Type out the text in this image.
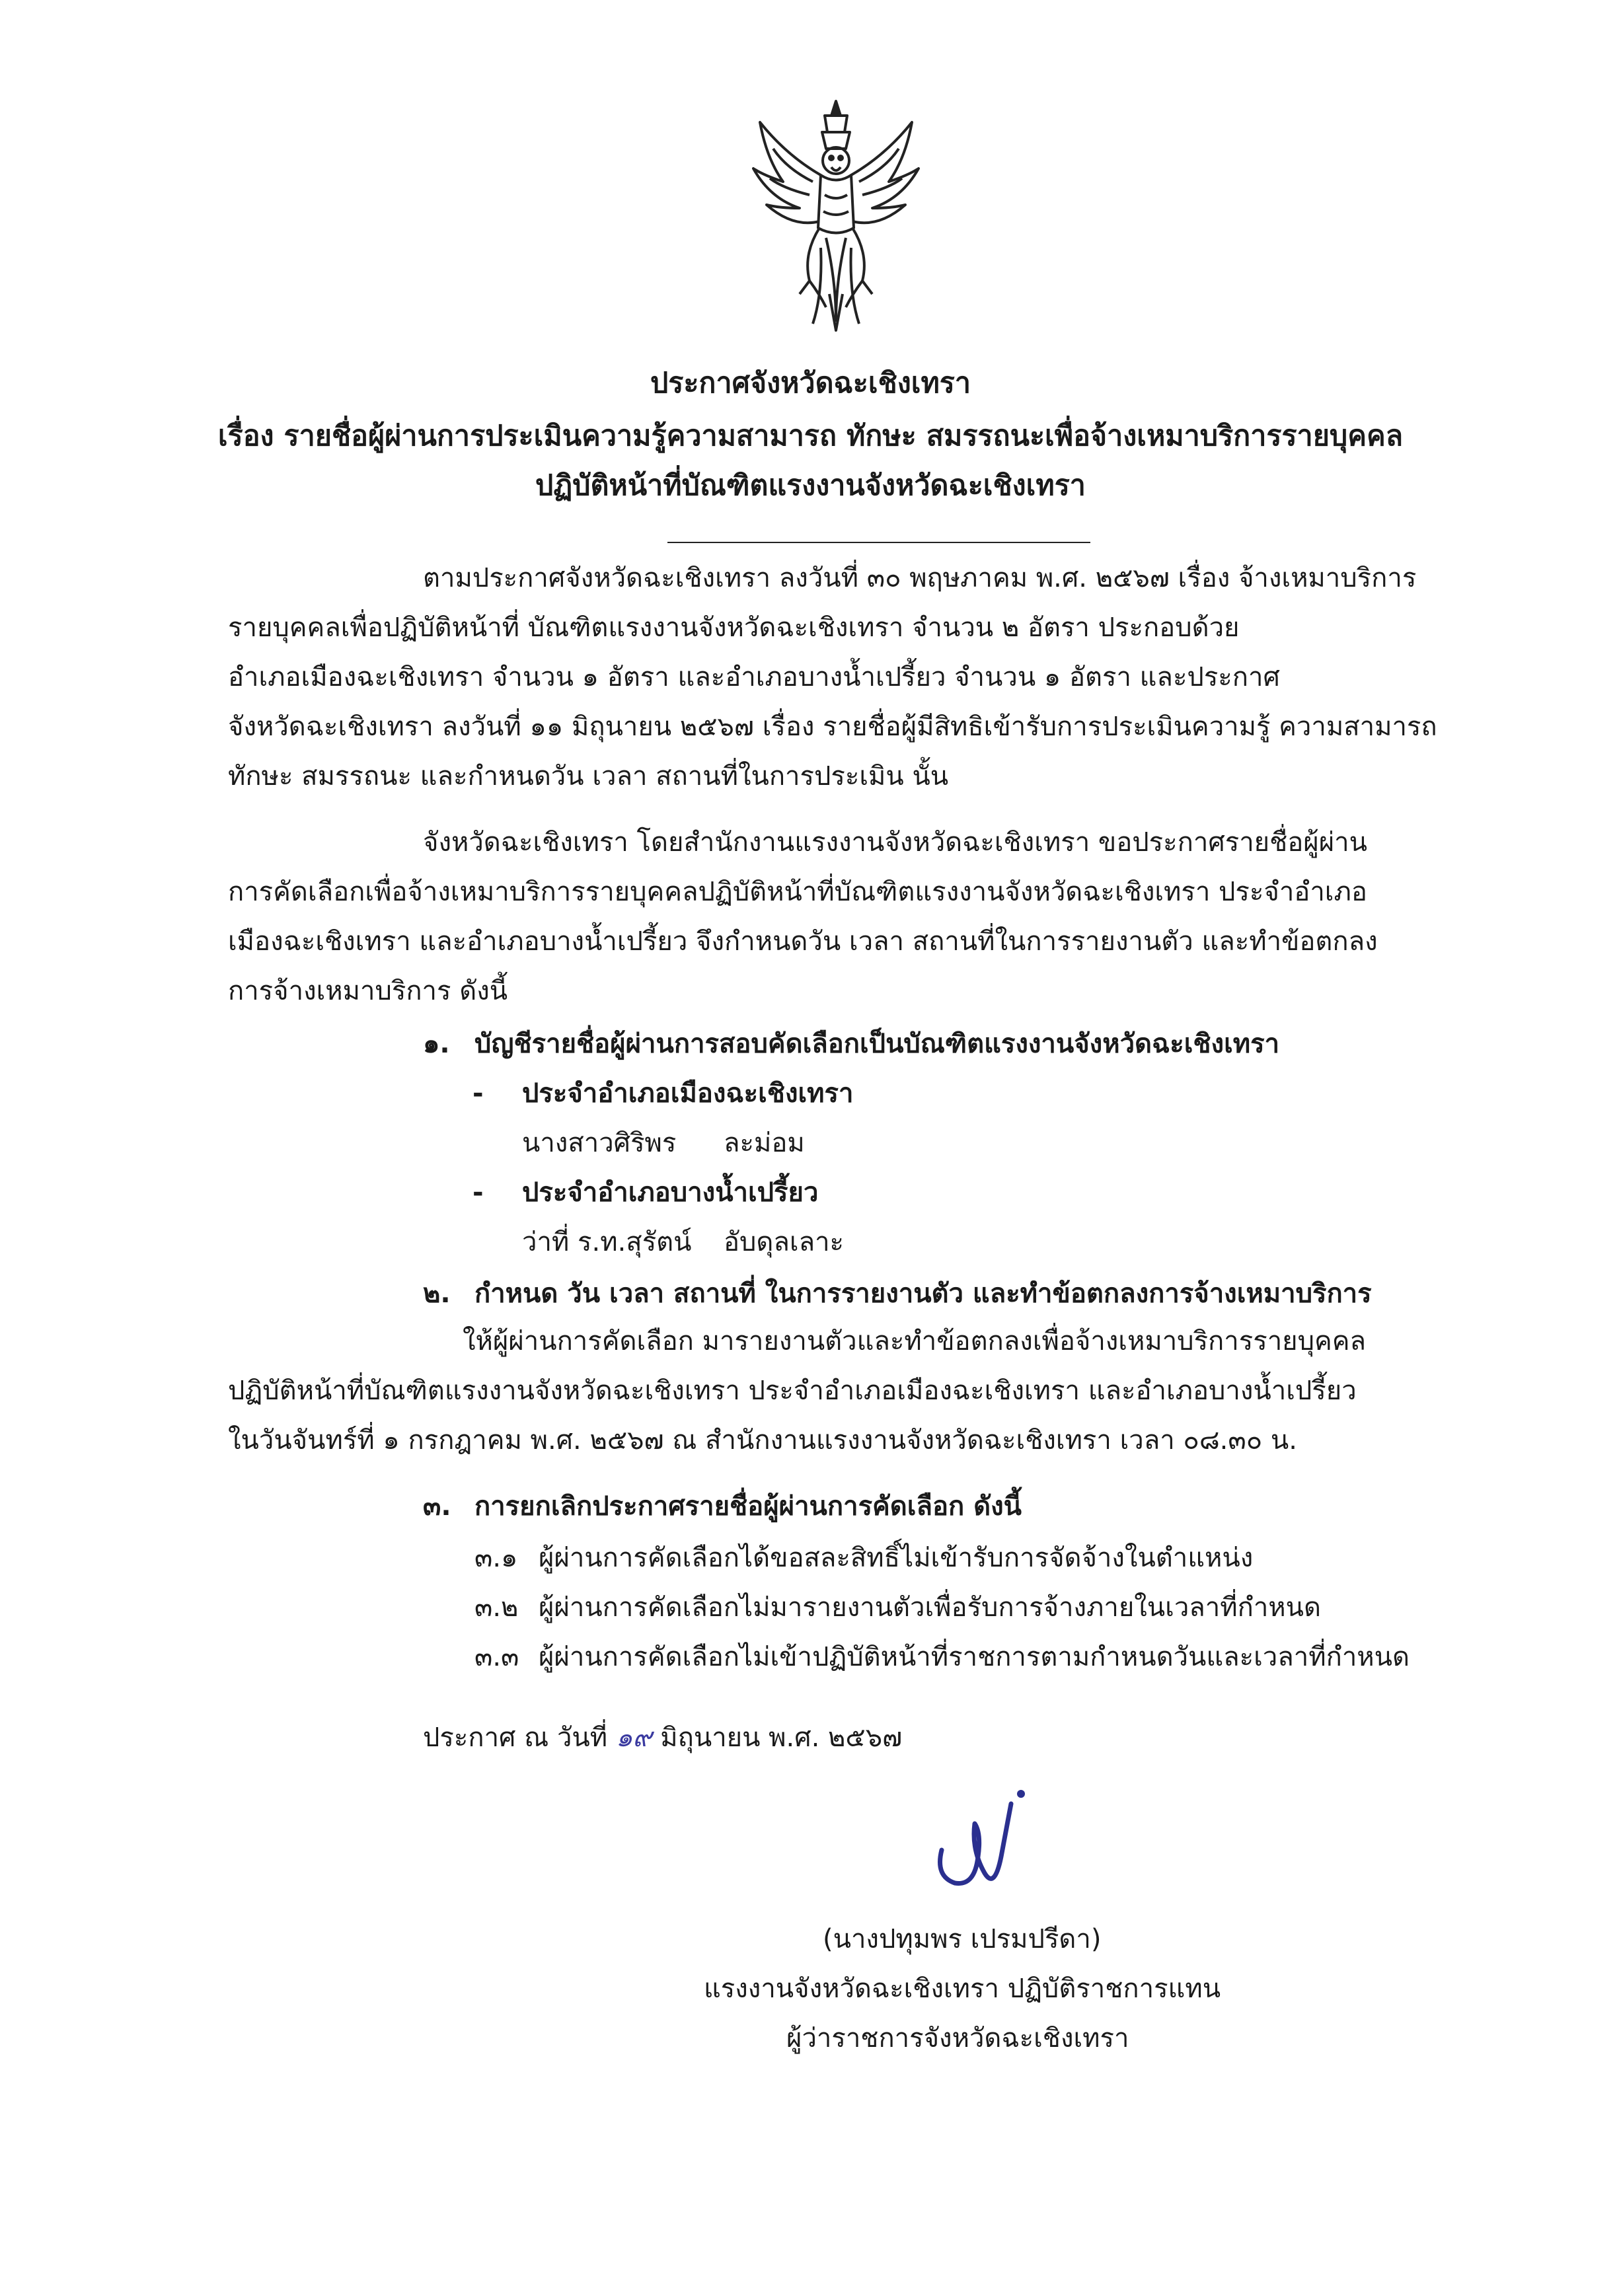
ประกาศจังหวัดฉะเชิงเทรา
เรื่อง รายชื่อผู้ผ่านการประเมินความรู้ความสามารถ ทักษะ สมรรถนะเพื่อจ้างเหมาบริการรายบุคคล
ปฏิบัติหน้าที่บัณฑิตแรงงานจังหวัดฉะเชิงเทรา
ตามประกาศจังหวัดฉะเชิงเทรา ลงวันที่ ๓๐ พฤษภาคม พ.ศ. ๒๕๖๗ เรื่อง จ้างเหมาบริการ
รายบุคคลเพื่อปฏิบัติหน้าที่ บัณฑิตแรงงานจังหวัดฉะเชิงเทรา จำนวน ๒ อัตรา ประกอบด้วย
อำเภอเมืองฉะเชิงเทรา จำนวน ๑ อัตรา และอำเภอบางน้ำเปรี้ยว จำนวน ๑ อัตรา และประกาศ
จังหวัดฉะเชิงเทรา ลงวันที่ ๑๑ มิถุนายน ๒๕๖๗ เรื่อง รายชื่อผู้มีสิทธิเข้ารับการประเมินความรู้ ความสามารถ
ทักษะ สมรรถนะ และกำหนดวัน เวลา สถานที่ในการประเมิน นั้น
จังหวัดฉะเชิงเทรา โดยสำนักงานแรงงานจังหวัดฉะเชิงเทรา ขอประกาศรายชื่อผู้ผ่าน
การคัดเลือกเพื่อจ้างเหมาบริการรายบุคคลปฏิบัติหน้าที่บัณฑิตแรงงานจังหวัดฉะเชิงเทรา ประจำอำเภอ
เมืองฉะเชิงเทรา และอำเภอบางน้ำเปรี้ยว จึงกำหนดวัน เวลา สถานที่ในการรายงานตัว และทำข้อตกลง
การจ้างเหมาบริการ ดังนี้
๑. บัญชีรายชื่อผู้ผ่านการสอบคัดเลือกเป็นบัณฑิตแรงงานจังหวัดฉะเชิงเทรา
- ประจำอำเภอเมืองฉะเชิงเทรา
นางสาวศิริพร ละม่อม
- ประจำอำเภอบางน้ำเปรี้ยว
ว่าที่ ร.ท.สุรัตน์ อับดุลเลาะ
๒. กำหนด วัน เวลา สถานที่ ในการรายงานตัว และทำข้อตกลงการจ้างเหมาบริการ
ให้ผู้ผ่านการคัดเลือก มารายงานตัวและทำข้อตกลงเพื่อจ้างเหมาบริการรายบุคคล
ปฏิบัติหน้าที่บัณฑิตแรงงานจังหวัดฉะเชิงเทรา ประจำอำเภอเมืองฉะเชิงเทรา และอำเภอบางน้ำเปรี้ยว
ในวันจันทร์ที่ ๑ กรกฎาคม พ.ศ. ๒๕๖๗ ณ สำนักงานแรงงานจังหวัดฉะเชิงเทรา เวลา ๐๘.๓๐ น.
๓. การยกเลิกประกาศรายชื่อผู้ผ่านการคัดเลือก ดังนี้
๓.๑ ผู้ผ่านการคัดเลือกได้ขอสละสิทธิ์ไม่เข้ารับการจัดจ้างในตำแหน่ง
๓.๒ ผู้ผ่านการคัดเลือกไม่มารายงานตัวเพื่อรับการจ้างภายในเวลาที่กำหนด
๓.๓ ผู้ผ่านการคัดเลือกไม่เข้าปฏิบัติหน้าที่ราชการตามกำหนดวันและเวลาที่กำหนด
ประกาศ ณ วันที่ ๑๙ มิถุนายน พ.ศ. ๒๕๖๗
(นางปทุมพร เปรมปรีดา)
แรงงานจังหวัดฉะเชิงเทรา ปฏิบัติราชการแทน
ผู้ว่าราชการจังหวัดฉะเชิงเทรา
